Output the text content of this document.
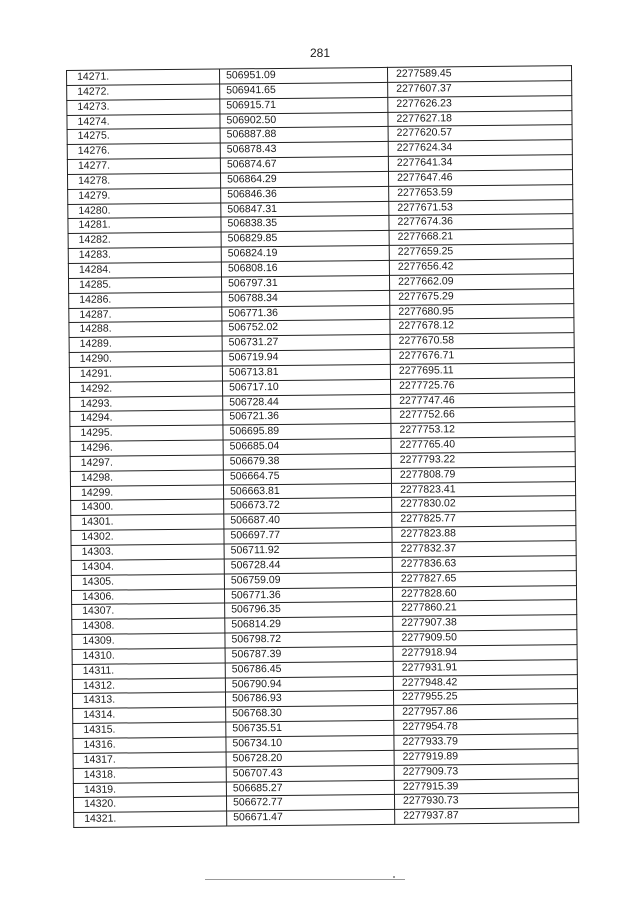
281
14271.	506951.09	2277589.45
14272.	506941.65	2277607.37
14273.	506915.71	2277626.23
14274.	506902.50	2277627.18
14275.	506887.88	2277620.57
14276.	506878.43	2277624.34
14277.	506874.67	2277641.34
14278.	506864.29	2277647.46
14279.	506846.36	2277653.59
14280.	506847.31	2277671.53
14281.	506838.35	2277674.36
14282.	506829.85	2277668.21
14283.	506824.19	2277659.25
14284.	506808.16	2277656.42
14285.	506797.31	2277662.09
14286.	506788.34	2277675.29
14287.	506771.36	2277680.95
14288.	506752.02	2277678.12
14289.	506731.27	2277670.58
14290.	506719.94	2277676.71
14291.	506713.81	2277695.11
14292.	506717.10	2277725.76
14293.	506728.44	2277747.46
14294.	506721.36	2277752.66
14295.	506695.89	2277753.12
14296.	506685.04	2277765.40
14297.	506679.38	2277793.22
14298.	506664.75	2277808.79
14299.	506663.81	2277823.41
14300.	506673.72	2277830.02
14301.	506687.40	2277825.77
14302.	506697.77	2277823.88
14303.	506711.92	2277832.37
14304.	506728.44	2277836.63
14305.	506759.09	2277827.65
14306.	506771.36	2277828.60
14307.	506796.35	2277860.21
14308.	506814.29	2277907.38
14309.	506798.72	2277909.50
14310.	506787.39	2277918.94
14311.	506786.45	2277931.91
14312.	506790.94	2277948.42
14313.	506786.93	2277955.25
14314.	506768.30	2277957.86
14315.	506735.51	2277954.78
14316.	506734.10	2277933.79
14317.	506728.20	2277919.89
14318.	506707.43	2277909.73
14319.	506685.27	2277915.39
14320.	506672.77	2277930.73
14321.	506671.47	2277937.87
